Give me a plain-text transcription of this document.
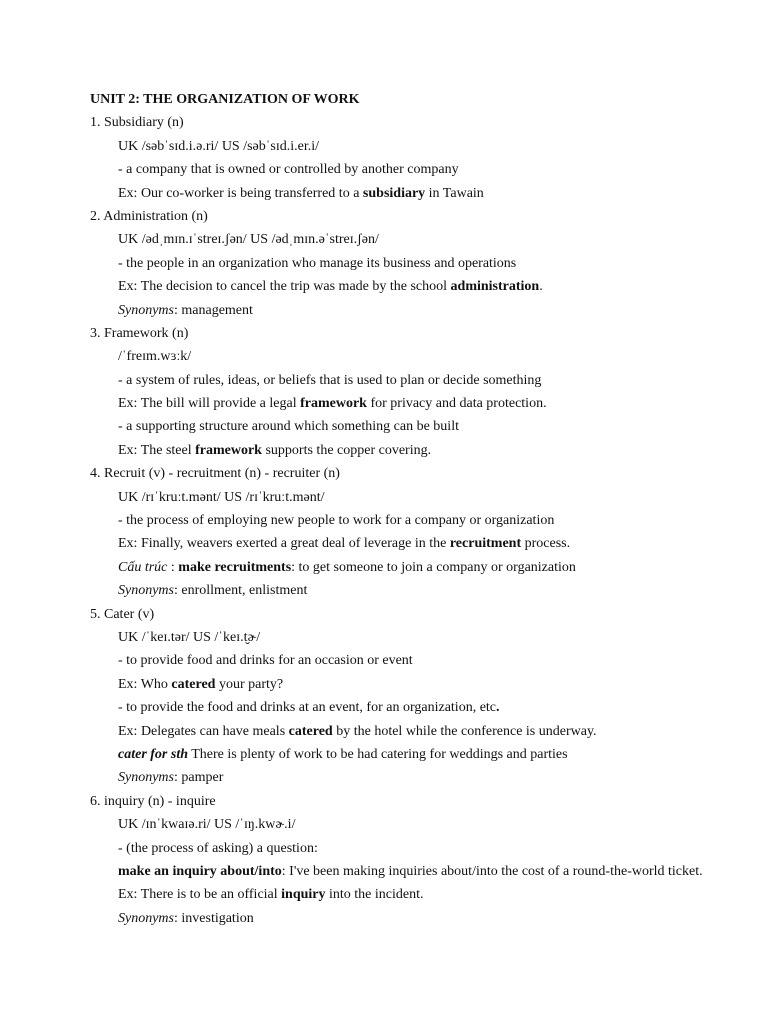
UNIT 2: THE ORGANIZATION OF WORK
1. Subsidiary (n)
UK /səbˈsɪd.i.ə.ri/ US /səbˈsɪd.i.er.i/
- a company that is owned or controlled by another company
Ex: Our co-worker is being transferred to a subsidiary in Tawain
2. Administration (n)
UK /ədˌmɪn.ɪˈstreɪ.ʃən/ US /ədˌmɪn.əˈstreɪ.ʃən/
- the people in an organization who manage its business and operations
Ex: The decision to cancel the trip was made by the school administration.
Synonyms: management
3. Framework (n)
/ˈfreɪm.wɜːk/
- a system of rules, ideas, or beliefs that is used to plan or decide something
Ex: The bill will provide a legal framework for privacy and data protection.
- a supporting structure around which something can be built
Ex: The steel framework supports the copper covering.
4. Recruit (v) - recruitment (n) - recruiter (n)
UK /rɪˈkruːt.mənt/ US /rɪˈkruːt.mənt/
- the process of employing new people to work for a company or organization
Ex: Finally, weavers exerted a great deal of leverage in the recruitment process.
Cấu trúc : make recruitments: to get someone to join a company or organization
Synonyms: enrollment, enlistment
5. Cater (v)
UK /ˈkeɪ.tər/ US /ˈkeɪ.t̬ɚ/
- to provide food and drinks for an occasion or event
Ex: Who catered your party?
- to provide the food and drinks at an event, for an organization, etc.
Ex: Delegates can have meals catered by the hotel while the conference is underway.
cater for sth There is plenty of work to be had catering for weddings and parties
Synonyms: pamper
6. inquiry (n) - inquire
UK /ɪnˈkwaɪə.ri/ US /ˈɪŋ.kwɚ.i/
- (the process of asking) a question:
make an inquiry about/into: I've been making inquiries about/into the cost of a round-the-world ticket.
Ex: There is to be an official inquiry into the incident.
Synonyms: investigation
